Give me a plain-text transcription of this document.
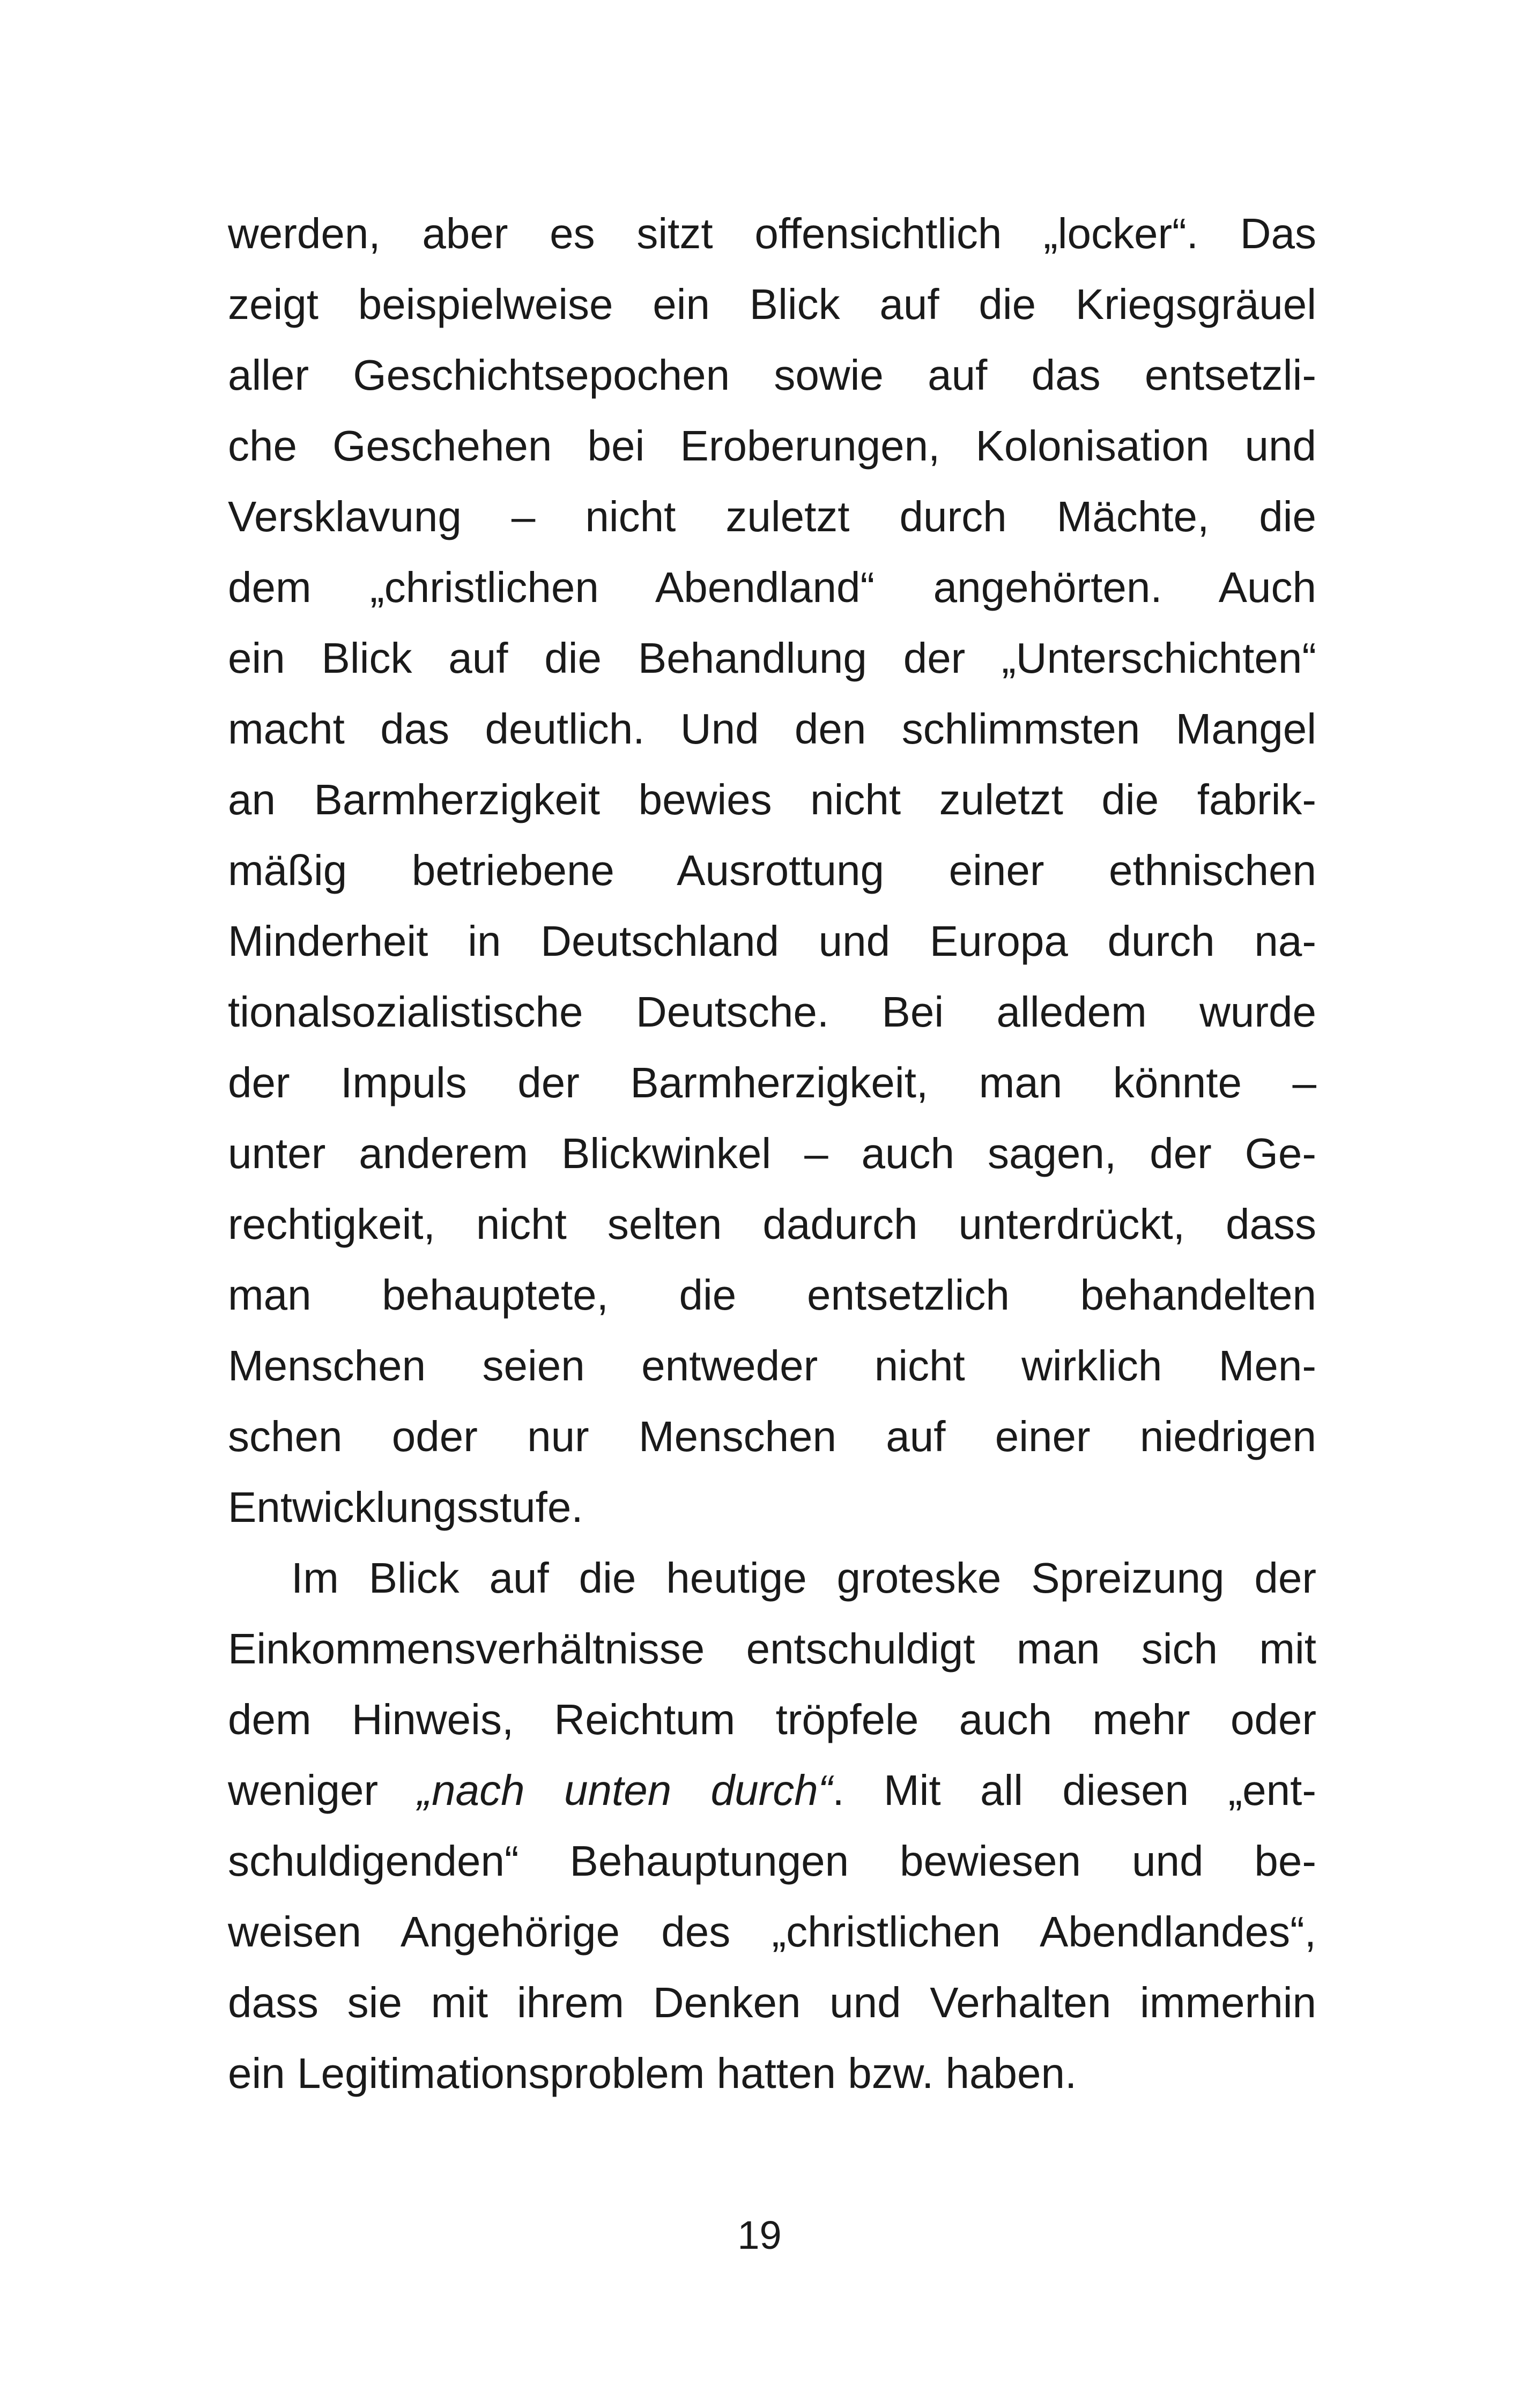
werden, aber es sitzt offensichtlich „locker“. Das
zeigt beispielweise ein Blick auf die Kriegsgräuel
aller Geschichtsepochen sowie auf das entsetzli-
che Geschehen bei Eroberungen, Kolonisation und
Versklavung – nicht zuletzt durch Mächte, die
dem „christlichen Abendland“ angehörten. Auch
ein Blick auf die Behandlung der „Unterschichten“
macht das deutlich. Und den schlimmsten Mangel
an Barmherzigkeit bewies nicht zuletzt die fabrik-
mäßig betriebene Ausrottung einer ethnischen
Minderheit in Deutschland und Europa durch na-
tionalsozialistische Deutsche. Bei alledem wurde
der Impuls der Barmherzigkeit, man könnte –
unter anderem Blickwinkel – auch sagen, der Ge-
rechtigkeit, nicht selten dadurch unterdrückt, dass
man behauptete, die entsetzlich behandelten
Menschen seien entweder nicht wirklich Men-
schen oder nur Menschen auf einer niedrigen
Entwicklungsstufe.
Im Blick auf die heutige groteske Spreizung der
Einkommensverhältnisse entschuldigt man sich mit
dem Hinweis, Reichtum tröpfele auch mehr oder
weniger „nach unten durch“. Mit all diesen „ent-
schuldigenden“ Behauptungen bewiesen und be-
weisen Angehörige des „christlichen Abendlandes“,
dass sie mit ihrem Denken und Verhalten immerhin
ein Legitimationsproblem hatten bzw. haben.
19
